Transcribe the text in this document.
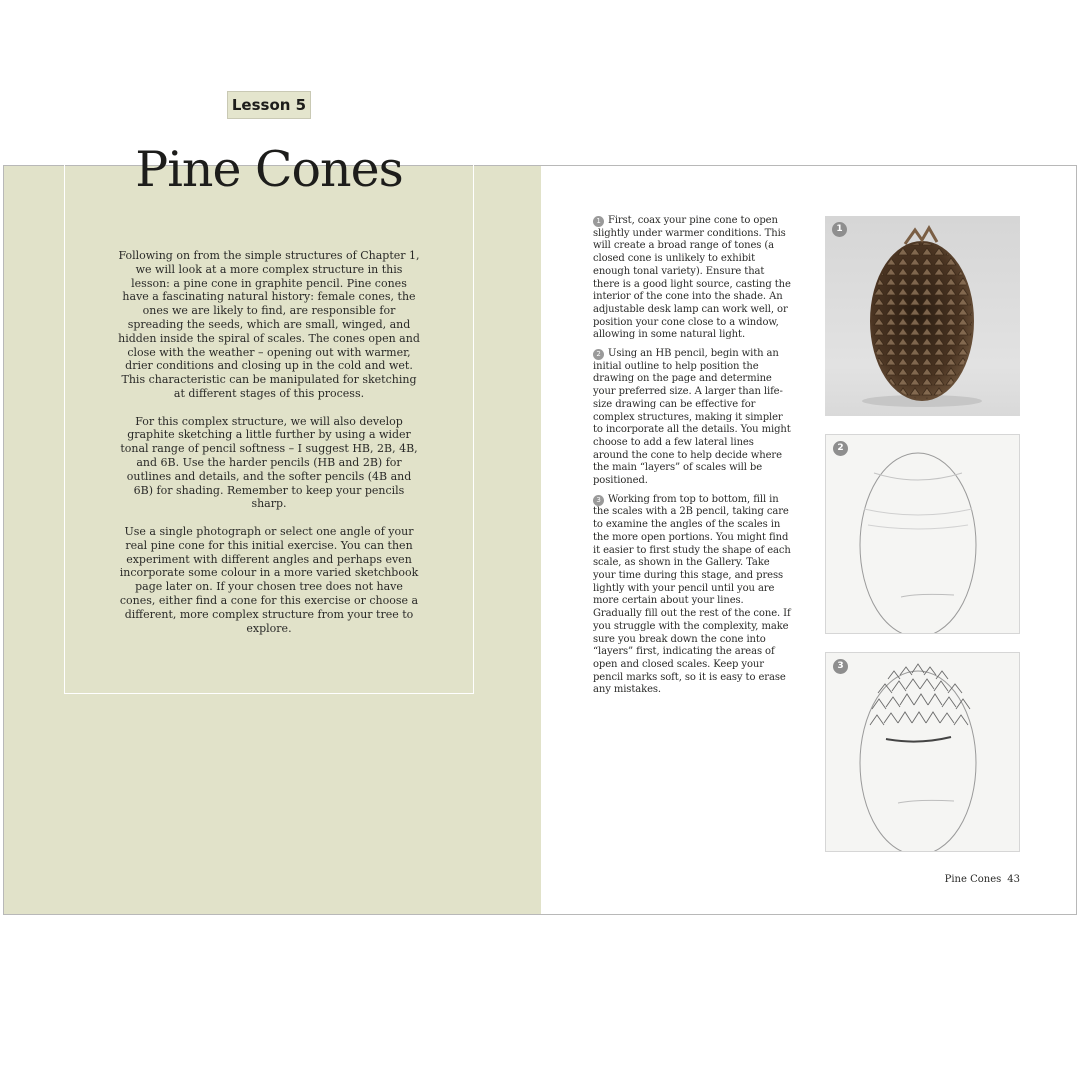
Lesson 5
Pine Cones

Following on from the simple structures of Chapter 1, we will look at a more complex structure in this lesson: a pine cone in graphite pencil. Pine cones have a fascinating natural history: female cones, the ones we are likely to find, are responsible for spreading the seeds, which are small, winged, and hidden inside the spiral of scales. The cones open and close with the weather – opening out with warmer, drier conditions and closing up in the cold and wet. This characteristic can be manipulated for sketching at different stages of this process.

For this complex structure, we will also develop graphite sketching a little further by using a wider tonal range of pencil softness – I suggest HB, 2B, 4B, and 6B. Use the harder pencils (HB and 2B) for outlines and details, and the softer pencils (4B and 6B) for shading. Remember to keep your pencils sharp.

Use a single photograph or select one angle of your real pine cone for this initial exercise. You can then experiment with different angles and perhaps even incorporate some colour in a more varied sketchbook page later on. If your chosen tree does not have cones, either find a cone for this exercise or choose a different, more complex structure from your tree to explore.

1 First, coax your pine cone to open slightly under warmer conditions. This will create a broad range of tones (a closed cone is unlikely to exhibit enough tonal variety). Ensure that there is a good light source, casting the interior of the cone into the shade. An adjustable desk lamp can work well, or position your cone close to a window, allowing in some natural light.

2 Using an HB pencil, begin with an initial outline to help position the drawing on the page and determine your preferred size. A larger than life-size drawing can be effective for complex structures, making it simpler to incorporate all the details. You might choose to add a few lateral lines around the cone to help decide where the main “layers” of scales will be positioned.

3 Working from top to bottom, fill in the scales with a 2B pencil, taking care to examine the angles of the scales in the more open portions. You might find it easier to first study the shape of each scale, as shown in the Gallery. Take your time during this stage, and press lightly with your pencil until you are more certain about your lines. Gradually fill out the rest of the cone. If you struggle with the complexity, make sure you break down the cone into “layers” first, indicating the areas of open and closed scales. Keep your pencil marks soft, so it is easy to erase any mistakes.

1
2
3
Pine Cones 43
